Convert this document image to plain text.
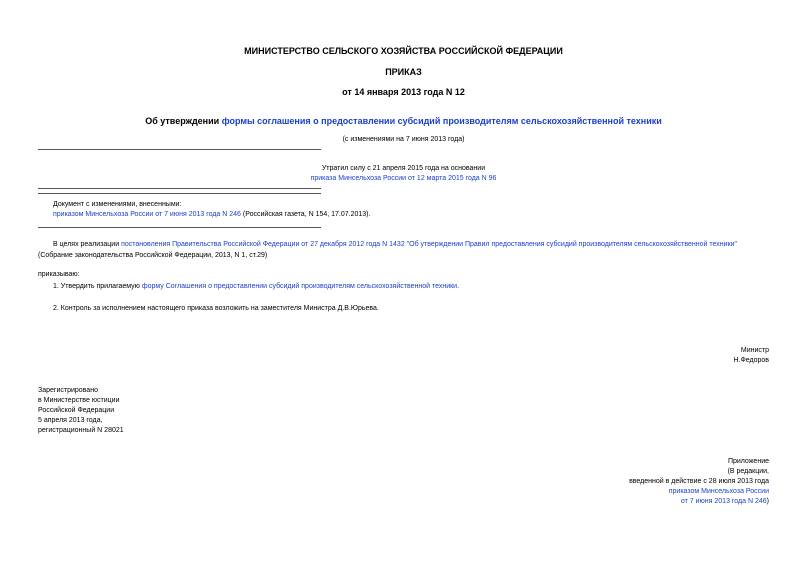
МИНИСТЕРСТВО СЕЛЬСКОГО ХОЗЯЙСТВА РОССИЙСКОЙ ФЕДЕРАЦИИ
ПРИКАЗ
от 14 января 2013 года N 12
Об утверждении формы соглашения о предоставлении субсидий производителям сельскохозяйственной техники
(с изменениями на 7 июня 2013 года)
Утратил силу с 21 апреля 2015 года на основании
приказа Минсельхоза России от 12 марта 2015 года N 96
Документ с изменениями, внесенными:
приказом Минсельхоза России от 7 июня 2013 года N 246 (Российская газета, N 154, 17.07.2013).
В целях реализации постановления Правительства Российской Федерации от 27 декабря 2012 года N 1432 "Об утверждении Правил предоставления субсидий производителям сельскохозяйственной техники"
(Собрание законодательства Российской Федерации, 2013, N 1, ст.29)
приказываю:
1. Утвердить прилагаемую форму Соглашения о предоставлении субсидий производителям сельскохозяйственной техники.
2. Контроль за исполнением настоящего приказа возложить на заместителя Министра Д.В.Юрьева.
Министр
Н.Федоров
Зарегистрировано
в Министерстве юстиции
Российской Федерации
5 апреля 2013 года,
регистрационный N 28021
Приложение
(В редакции,
введенной в действие с 28 июля 2013 года
приказом Минсельхоза России
от 7 июня 2013 года N 246)
